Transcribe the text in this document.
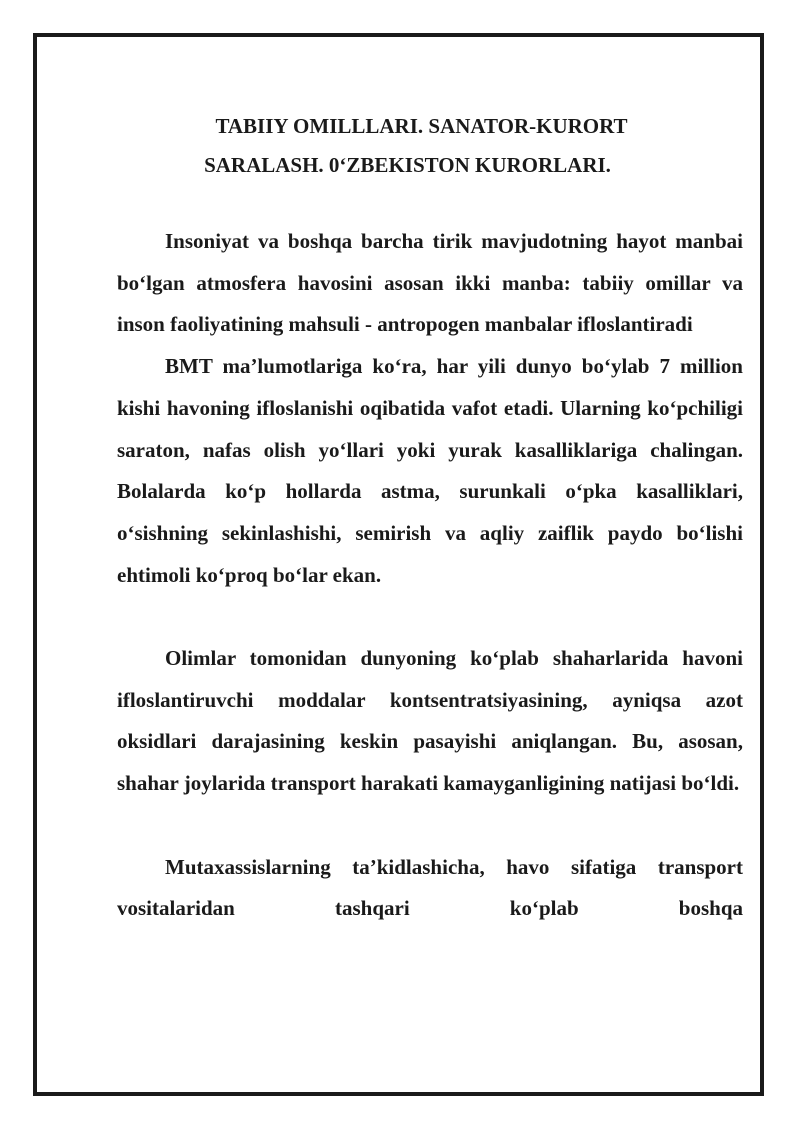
TABIIY OMILLLARI. SANATOR-KURORT
SARALASH. 0‘ZBEKISTON KURORLARI.

Insoniyat va boshqa barcha tirik mavjudotning hayot manbai bo‘lgan atmosfera havosini asosan ikki manba: tabiiy omillar va inson faoliyatining mahsuli - antropogen manbalar ifloslantiradi

BMT ma’lumotlariga ko‘ra, har yili dunyo bo‘ylab 7 million kishi havoning ifloslanishi oqibatida vafot etadi. Ularning ko‘pchiligi saraton, nafas olish yo‘llari yoki yurak kasalliklariga chalingan. Bolalarda ko‘p hollarda astma, surunkali o‘pka kasalliklari, o‘sishning sekinlashishi, semirish va aqliy zaiflik paydo bo‘lishi ehtimoli ko‘proq bo‘lar ekan.

Olimlar tomonidan dunyoning ko‘plab shaharlarida havoni ifloslantiruvchi moddalar kontsentratsiyasining, ayniqsa azot oksidlari darajasining keskin pasayishi aniqlangan. Bu, asosan, shahar joylarida transport harakati kamayganligining natijasi bo‘ldi.

Mutaxassislarning ta’kidlashicha, havo sifatiga transport vositalaridan tashqari ko‘plab boshqa
